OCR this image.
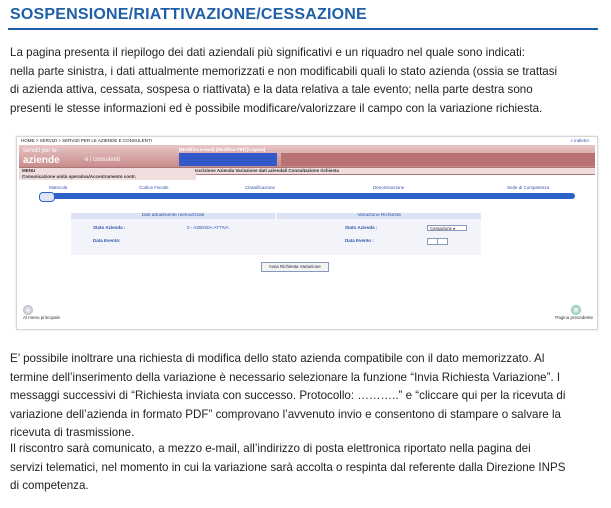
SOSPENSIONE/RIATTIVAZIONE/CESSAZIONE
La pagina presenta il riepilogo dei dati aziendali più significativi e un riquadro nel quale sono indicati:
nella parte sinistra, i dati attualmente memorizzati e non modificabili quali lo stato azienda (ossia se trattasi
di azienda attiva, cessata, sospesa o riattivata) e la data relativa a tale evento; nella parte destra sono
presenti le stesse informazioni ed è possibile modificare/valorizzare il campo con la variazione richiesta.
HOME > SERVIZI > SERVIZI PER LE AZIENDE E CONSULENTI	« indietro
servizi per le
aziende	e i consulenti
[Modifica e-mail] [Modifica PIN] [Logout]
MENU	Iscrizione Azienda Variazione dati aziendali Consultazione richiesta
Comunicazione unità operativa/Accentramento contr.
Matricola	Codice Fiscale	Classificazione	Denominazione	Sede di Competenza
Dati attualmente memorizzati	Variazione Richiesta
Stato Azienda :	0 - AZIENDA ATTIVA
Data Evento:
Stato Azienda :	Cessazione ▾
Data Evento :
Invia Richiesta Variazione
Al menu principale	Pagina precedente
E’ possibile inoltrare una richiesta di modifica dello stato azienda compatibile con il dato memorizzato. Al
termine dell’inserimento della variazione è necessario selezionare la funzione “Invia Richiesta Variazione”. I
messaggi successivi di “Richiesta inviata con successo. Protocollo: ………..” e “cliccare qui per la ricevuta di
variazione dell’azienda in formato PDF” comprovano l’avvenuto invio e consentono di stampare o salvare la
ricevuta di trasmissione.
Il riscontro sarà comunicato, a mezzo e-mail, all’indirizzo di posta elettronica riportato nella pagina dei
servizi telematici, nel momento in cui la variazione sarà accolta o respinta dal referente dalla Direzione INPS
di competenza.
